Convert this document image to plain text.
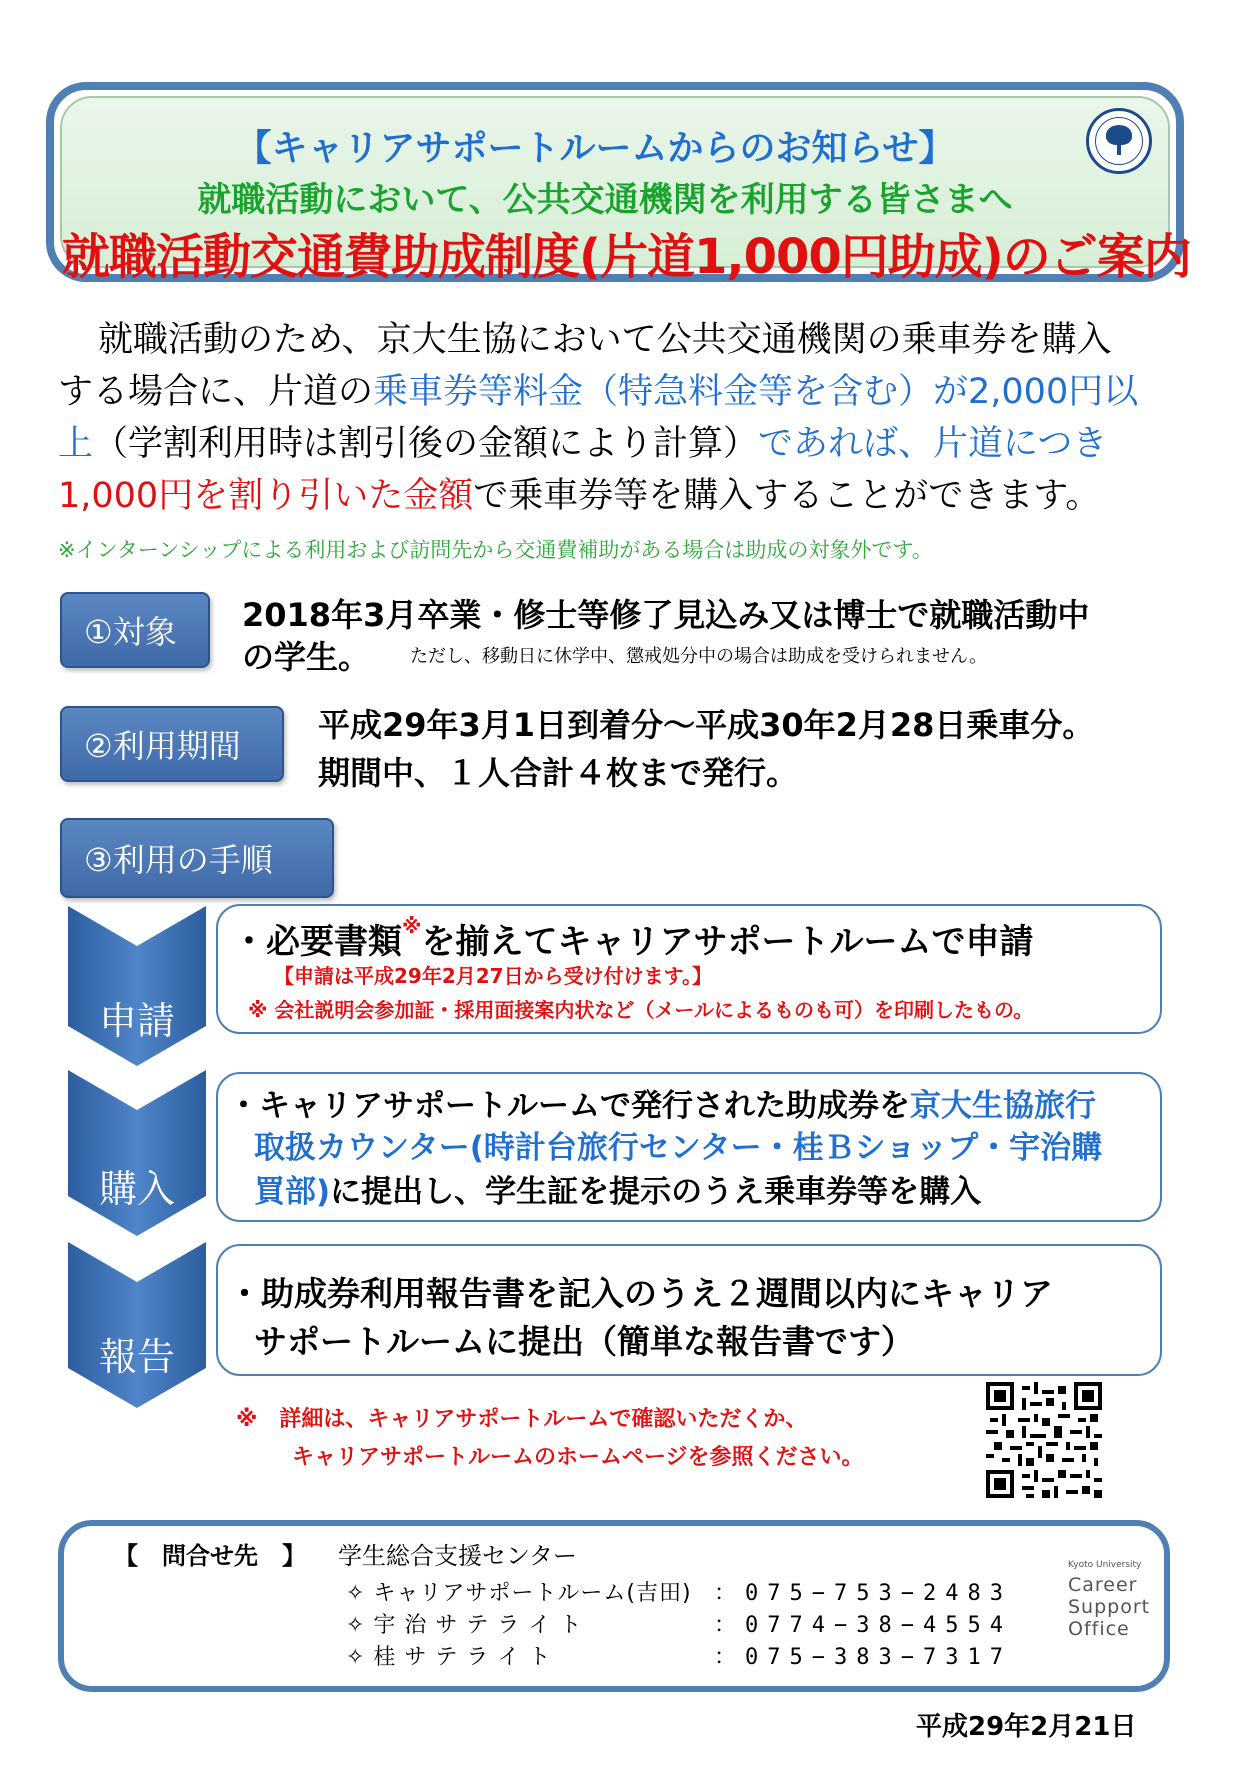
【キャリアサポートルームからのお知らせ】
就職活動において、公共交通機関を利用する皆さまへ
就職活動交通費助成制度(片道1,000円助成)のご案内
就職活動のため、京大生協において公共交通機関の乗車券を購入
する場合に、片道の乗車券等料金（特急料金等を含む）が2,000円以
上（学割利用時は割引後の金額により計算）であれば、片道につき
1,000円を割り引いた金額で乗車券等を購入することができます。
※インターンシップによる利用および訪問先から交通費補助がある場合は助成の対象外です。
①対象	2018年3月卒業・修士等修了見込み又は博士で就職活動中
の学生。 ただし、移動日に休学中、懲戒処分中の場合は助成を受けられません。
②利用期間
平成29年3月1日到着分～平成30年2月28日乗車分。
期間中、１人合計４枚まで発行。
③利用の手順
申請
購入
報告
・必要書類※を揃えてキャリアサポートルームで申請
【申請は平成29年2月27日から受け付けます。】
※ 会社説明会参加証・採用面接案内状など（メールによるものも可）を印刷したもの。
・キャリアサポートルームで発行された助成券を京大生協旅行
取扱カウンター(時計台旅行センター・桂Ｂショップ・宇治購
買部)に提出し、学生証を提示のうえ乗車券等を購入
・助成券利用報告書を記入のうえ２週間以内にキャリア
サポートルームに提出（簡単な報告書です）
※　詳細は、キャリアサポートルームで確認いただくか、
キャリアサポートルームのホームページを参照ください。
【　問合せ先　】 学生総合支援センター
✧ キャリアサポートルーム(吉田) ：075−753−2483
✧ 宇 治 サ テ ラ イ ト	：0774−38−4554
✧ 桂 サ テ ラ イ ト	：075−383−7317
Kyoto University
Career
Support
Office
平成29年2月21日
